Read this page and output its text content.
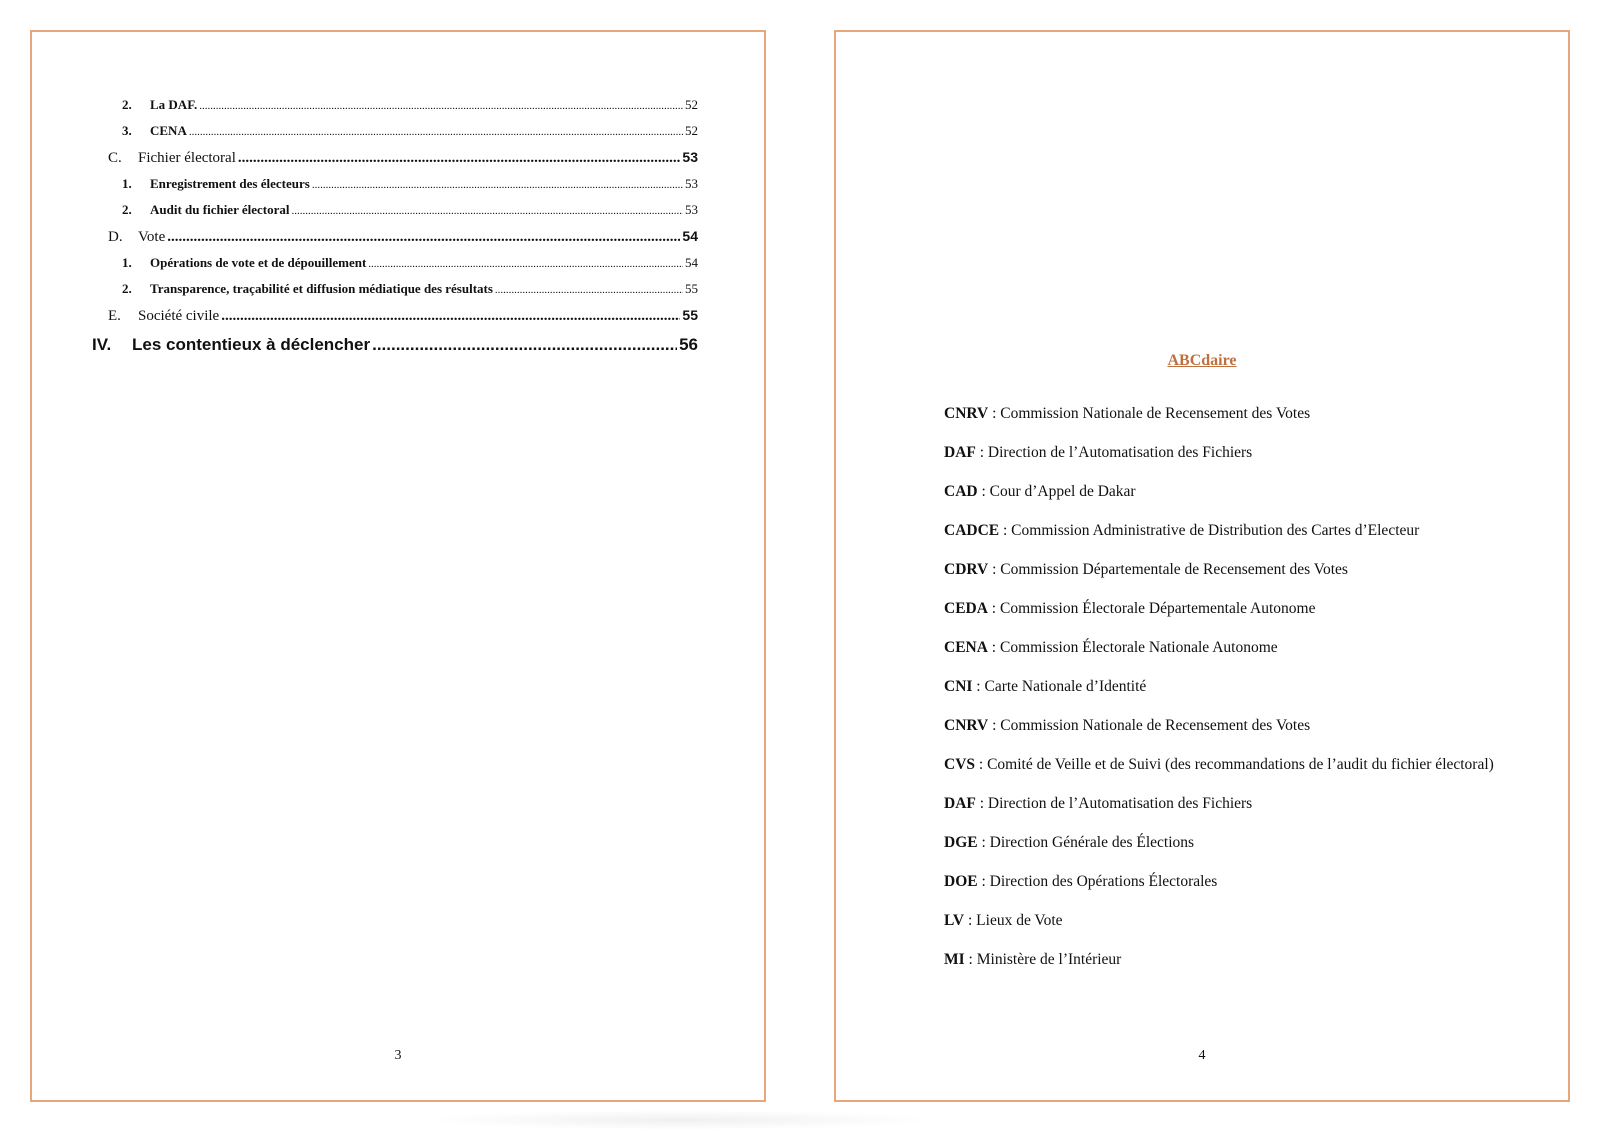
2.	La DAF. .....	52
3.	CENA .....	52
C.	Fichier électoral .....	53
1.	Enregistrement des électeurs .....	53
2.	Audit du fichier électoral .....	53
D.	Vote .....	54
1.	Opérations de vote et de dépouillement .....	54
2.	Transparence, traçabilité et diffusion médiatique des résultats .....	55
E.	Société civile .....	55
IV.	Les contentieux à déclencher .....	56
3
ABCdaire
CNRV : Commission Nationale de Recensement des Votes
DAF : Direction de l’Automatisation des Fichiers
CAD : Cour d’Appel de Dakar
CADCE : Commission Administrative de Distribution des Cartes d’Electeur
CDRV : Commission Départementale de Recensement des Votes
CEDA : Commission Électorale Départementale Autonome
CENA : Commission Électorale Nationale Autonome
CNI : Carte Nationale d’Identité
CNRV : Commission Nationale de Recensement des Votes
CVS : Comité de Veille et de Suivi (des recommandations de l’audit du fichier électoral)
DAF : Direction de l’Automatisation des Fichiers
DGE : Direction Générale des Élections
DOE : Direction des Opérations Électorales
LV : Lieux de Vote
MI : Ministère de l’Intérieur
4
